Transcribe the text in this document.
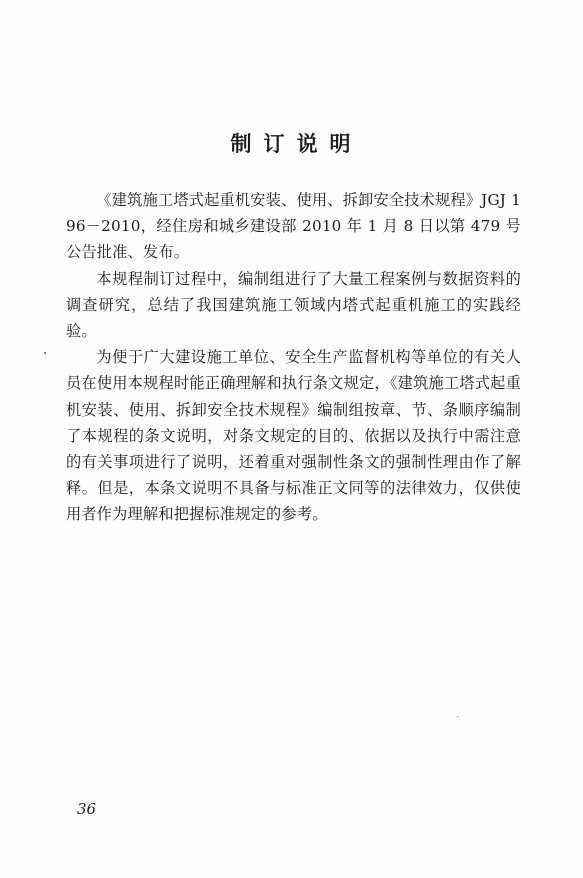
制订说明

《建筑施工塔式起重机安装、使用、拆卸安全技术规程》JGJ 196－2010，经住房和城乡建设部 2010 年 1 月 8 日以第 479 号公告批准、发布。

本规程制订过程中，编制组进行了大量工程案例与数据资料的调查研究，总结了我国建筑施工领域内塔式起重机施工的实践经验。

为便于广大建设施工单位、安全生产监督机构等单位的有关人员在使用本规程时能正确理解和执行条文规定，《建筑施工塔式起重机安装、使用、拆卸安全技术规程》编制组按章、节、条顺序编制了本规程的条文说明，对条文规定的目的、依据以及执行中需注意的有关事项进行了说明，还着重对强制性条文的强制性理由作了解释。但是，本条文说明不具备与标准正文同等的法律效力，仅供使用者作为理解和把握标准规定的参考。

36
